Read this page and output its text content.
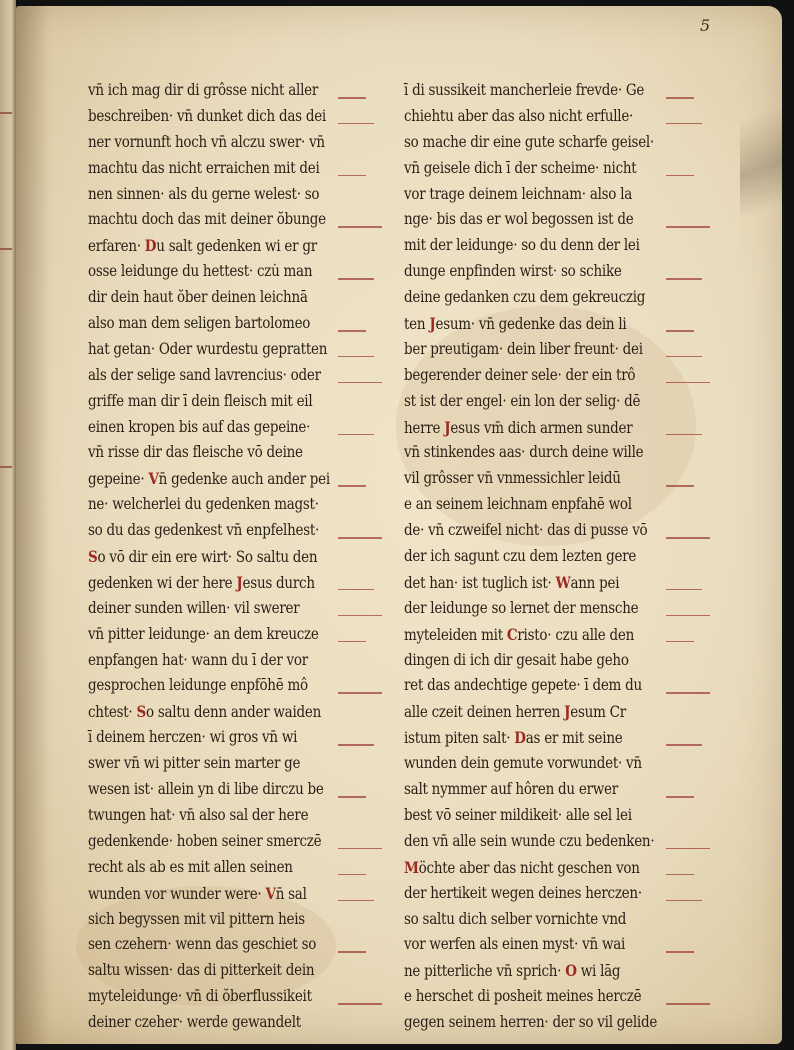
5
vn̄ ich mag dir di grôsse nicht aller
beschreiben· vn̄ dunket dich das dei
ner vornunft hoch vn̄ alczu swer· vn̄
machtu das nicht erraichen mit dei
nen sinnen· als du gerne welest· so
machtu doch das mit deiner ŏbunge
erfaren· Du salt gedenken wi er gr
osse leidunge du hettest· czu̇ man
dir dein haut ŏber deinen leichnā
also man dem seligen bartolomeo
hat getan· Oder wurdestu gepratten
als der selige sand lavrencius· oder
griffe man dir ī dein fleisch mit eil
einen kropen bis auf das gepeine·
vn̄ risse dir das fleische vō deine
gepeine· Vn̄ gedenke auch ander pei
ne· welcherlei du gedenken magst·
so du das gedenkest vn̄ enpfelhest·
So vō dir ein ere wirt· So saltu den
gedenken wi der here Jesus durch
deiner sunden willen· vil swerer
vn̄ pitter leidunge· an dem kreucze
enpfangen hat· wann du ī der vor
gesprochen leidunge enpfōhē mô
chtest· So saltu denn ander waiden
ī deinem herczen· wi gros vn̄ wi
swer vn̄ wi pitter sein marter ge
wesen ist· allein yn di libe dirczu be
twungen hat· vn̄ also sal der here
gedenkende· hoben seiner smerczē
recht als ab es mit allen seinen
wunden vor wunder were· Vn̄ sal
sich begyssen mit vil pittern heis
sen czehern· wenn das geschiet so
saltu wissen· das di pitterkeit dein
myteleidunge· vn̄ di ŏberflussikeit
deiner czeher· werde gewandelt
ī di sussikeit mancherleie frevde· Ge
chiehtu aber das also nicht erfulle·
so mache dir eine gute scharfe geisel·
vn̄ geisele dich ī der scheime· nicht
vor trage deinem leichnam· also la
nge· bis das er wol begossen ist de
mit der leidunge· so du denn der lei
dunge enpfinden wirst· so schike
deine gedanken czu dem gekreuczig
ten Jesum· vn̄ gedenke das dein li
ber preutigam· dein liber freunt· dei
begerender deiner sele· der ein trô
st ist der engel· ein lon der selig· dē
herre Jesus vm̄ dich armen sunder
vn̄ stinkendes aas· durch deine wille
vil grôsser vn̄ vnmessichler leidū
e an seinem leichnam enpfahē wol
de· vn̄ czweifel nicht· das di pusse vō
der ich sagunt czu dem lezten gere
det han· ist tuglich ist· Wann pei
der leidunge so lernet der mensche
myteleiden mit Cristo· czu alle den
dingen di ich dir gesait habe geho
ret das andechtige gepete· ī dem du
alle czeit deinen herren Jesum Cr
istum piten salt· Das er mit seine
wunden dein gemute vorwundet· vn̄
salt nymmer auf hôren du erwer
best vō seiner mildikeit· alle sel lei
den vn̄ alle sein wunde czu bedenken·
Möchte aber das nicht geschen von
der hertikeit wegen deines herczen·
so saltu dich selber vornichte vnd
vor werfen als einen myst· vn̄ wai
ne pitterliche vn̄ sprich· O wi lāg
e herschet di posheit meines herczē
gegen seinem herren· der so vil gelide
